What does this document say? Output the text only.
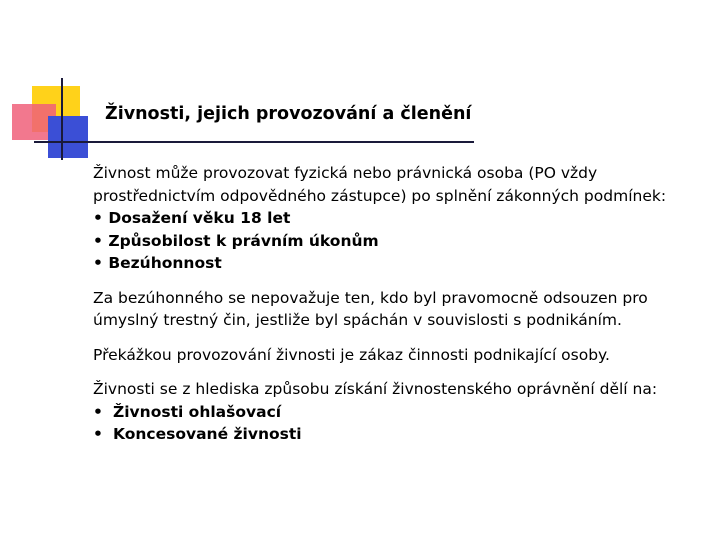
Živnosti, jejich provozování a členění

Živnost může provozovat fyzická nebo právnická osoba (PO vždy
prostřednictvím odpovědného zástupce) po splnění zákonných podmínek:
• Dosažení věku 18 let
• Způsobilost k právním úkonům
• Bezúhonnost

Za bezúhonného se nepovažuje ten, kdo byl pravomocně odsouzen pro
úmyslný trestný čin, jestliže byl spáchán v souvislosti s podnikáním.

Překážkou provozování živnosti je zákaz činnosti podnikající osoby.

Živnosti se z hlediska způsobu získání živnostenského oprávnění dělí na:
• Živnosti ohlašovací
• Koncesované živnosti
